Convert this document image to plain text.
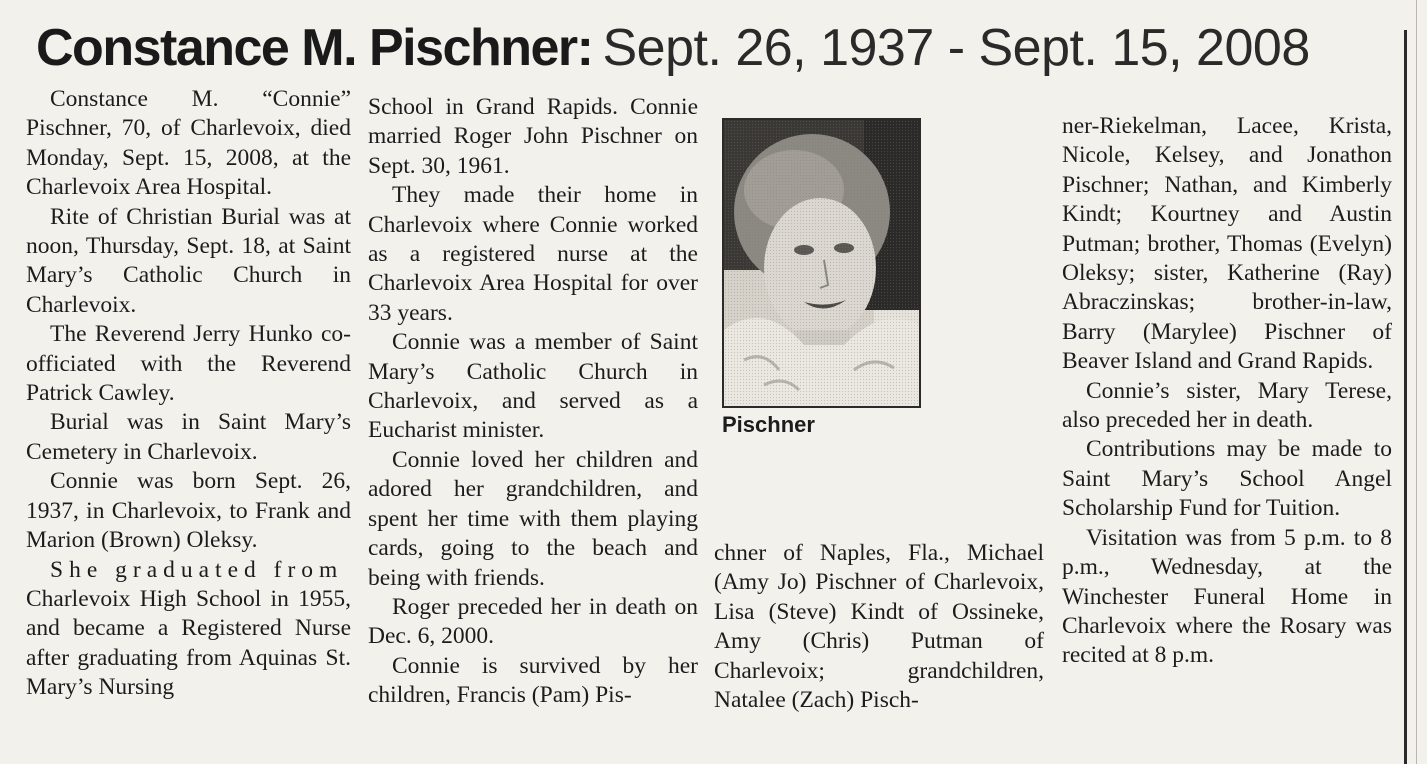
Constance M. Pischner: Sept. 26, 1937 - Sept. 15, 2008

Constance M. “Connie” Pischner, 70, of Charlevoix, died Monday, Sept. 15, 2008, at the Charlevoix Area Hospital.

Rite of Christian Burial was at noon, Thursday, Sept. 18, at Saint Mary’s Catholic Church in Charlevoix.

The Reverend Jerry Hunko co-officiated with the Reverend Patrick Cawley.

Burial was in Saint Mary’s Cemetery in Charlevoix.

Connie was born Sept. 26, 1937, in Charlevoix, to Frank and Marion (Brown) Oleksy.

She graduated from

Charlevoix High School in 1955, and became a Registered Nurse after graduating from Aquinas St. Mary’s Nursing

School in Grand Rapids. Connie married Roger John Pischner on Sept. 30, 1961.

They made their home in Charlevoix where Connie worked as a registered nurse at the Charlevoix Area Hospital for over 33 years.

Connie was a member of Saint Mary’s Catholic Church in Charlevoix, and served as a Eucharist minister.

Connie loved her children and adored her grandchildren, and spent her time with them playing cards, going to the beach and being with friends.

Roger preceded her in death on Dec. 6, 2000.

Connie is survived by her children, Francis (Pam) Pis-

chner of Naples, Fla., Michael (Amy Jo) Pischner of Charlevoix, Lisa (Steve) Kindt of Ossineke, Amy (Chris) Putman of Charlevoix; grandchildren, Natalee (Zach) Pisch-

ner-Riekelman, Lacee, Krista, Nicole, Kelsey, and Jonathon Pischner; Nathan, and Kimberly Kindt; Kourtney and Austin Putman; brother, Thomas (Evelyn) Oleksy; sister, Katherine (Ray) Abraczinskas; brother-in-law, Barry (Marylee) Pischner of Beaver Island and Grand Rapids.

Connie’s sister, Mary Terese, also preceded her in death.

Contributions may be made to Saint Mary’s School Angel Scholarship Fund for Tuition.

Visitation was from 5 p.m. to 8 p.m., Wednesday, at the Winchester Funeral Home in Charlevoix where the Rosary was recited at 8 p.m.

Pischner
